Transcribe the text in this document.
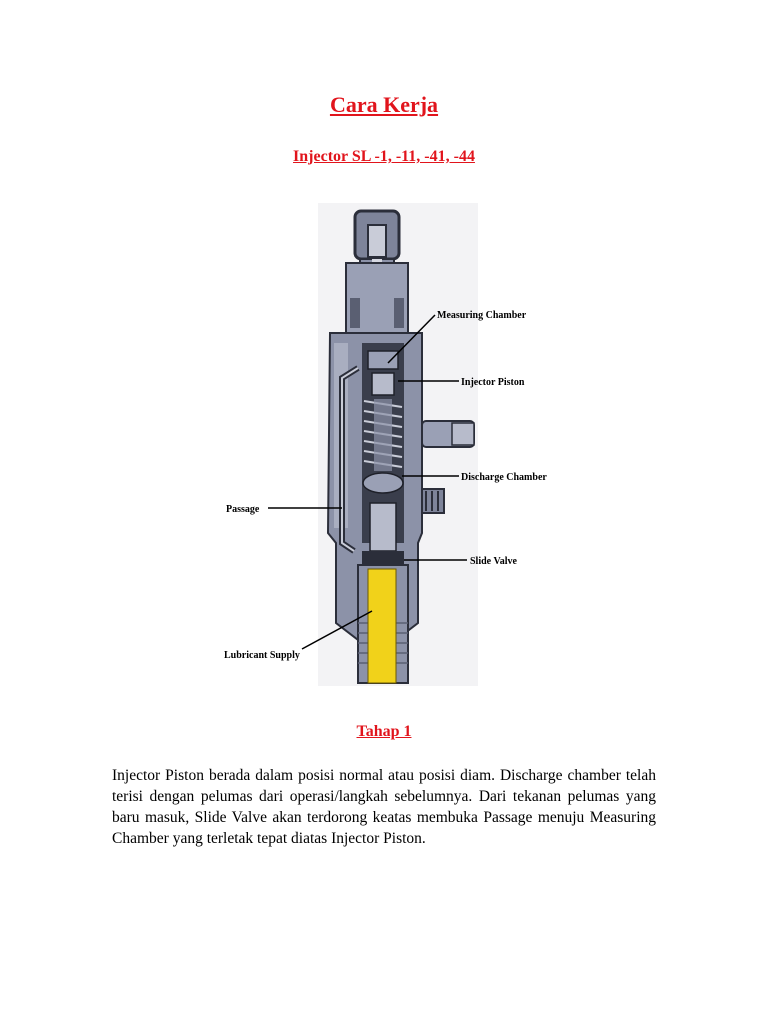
Cara Kerja
Injector SL -1, -11, -41, -44
Measuring Chamber
Injector Piston
Discharge Chamber
Passage
Slide Valve
Lubricant Supply
Tahap 1
Injector Piston berada dalam posisi normal atau posisi diam. Discharge chamber telah terisi dengan pelumas dari operasi/langkah sebelumnya. Dari tekanan pelumas yang baru masuk, Slide Valve akan terdorong keatas membuka Passage menuju Measuring Chamber yang terletak tepat diatas Injector Piston.
